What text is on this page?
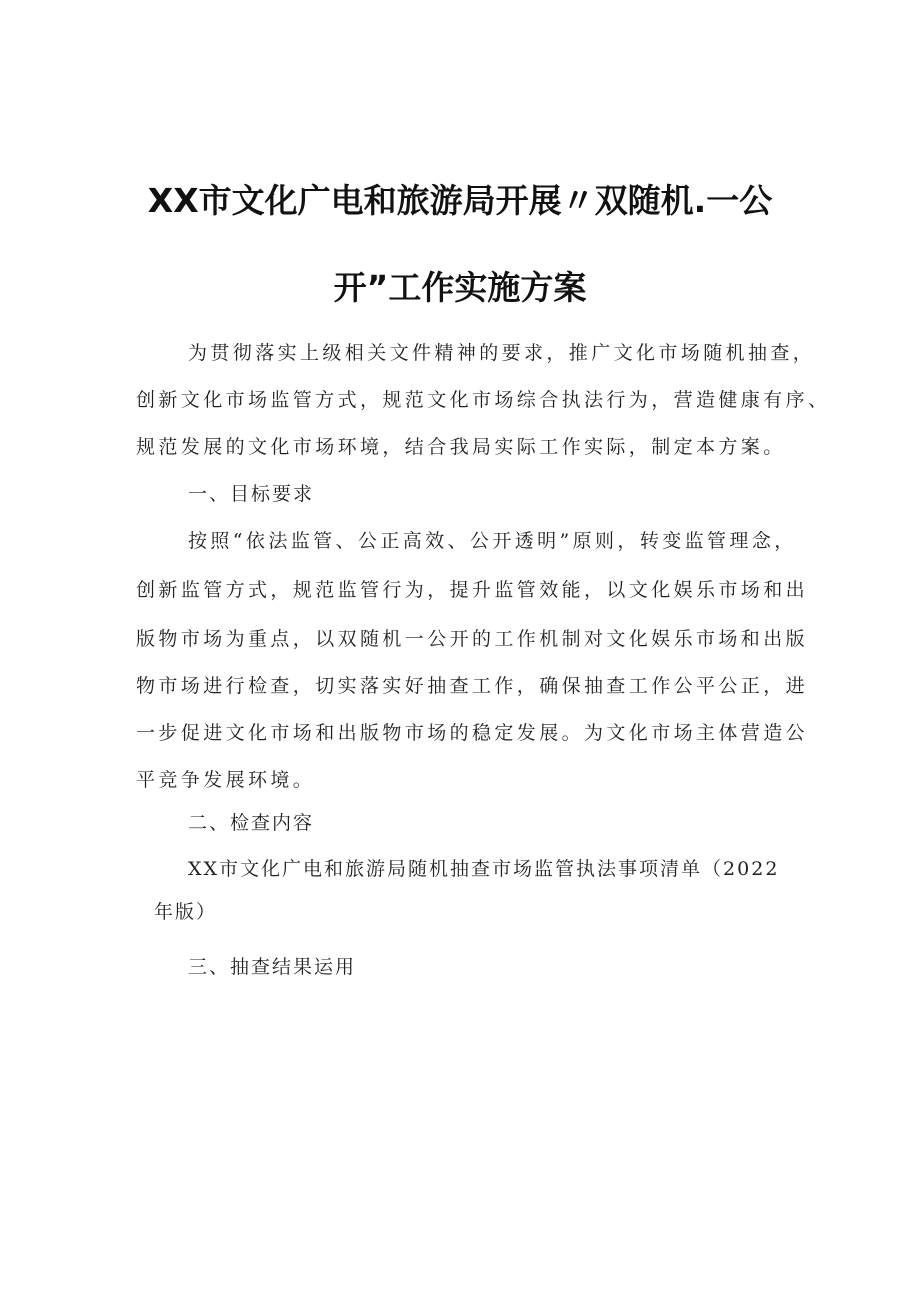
XX市文化广电和旅游局开展〃双随机.一公
开”工作实施方案
为贯彻落实上级相关文件精神的要求，推广文化市场随机抽查，
创新文化市场监管方式，规范文化市场综合执法行为，营造健康有序、
规范发展的文化市场环境，结合我局实际工作实际，制定本方案。
一、目标要求
按照“依法监管、公正高效、公开透明”原则，转变监管理念，
创新监管方式，规范监管行为，提升监管效能，以文化娱乐市场和出
版物市场为重点，以双随机一公开的工作机制对文化娱乐市场和出版
物市场进行检查，切实落实好抽查工作，确保抽查工作公平公正，进
一步促进文化市场和出版物市场的稳定发展。为文化市场主体营造公
平竞争发展环境。
二、检查内容
XX市文化广电和旅游局随机抽查市场监管执法事项清单（2022
年版）
三、抽查结果运用
